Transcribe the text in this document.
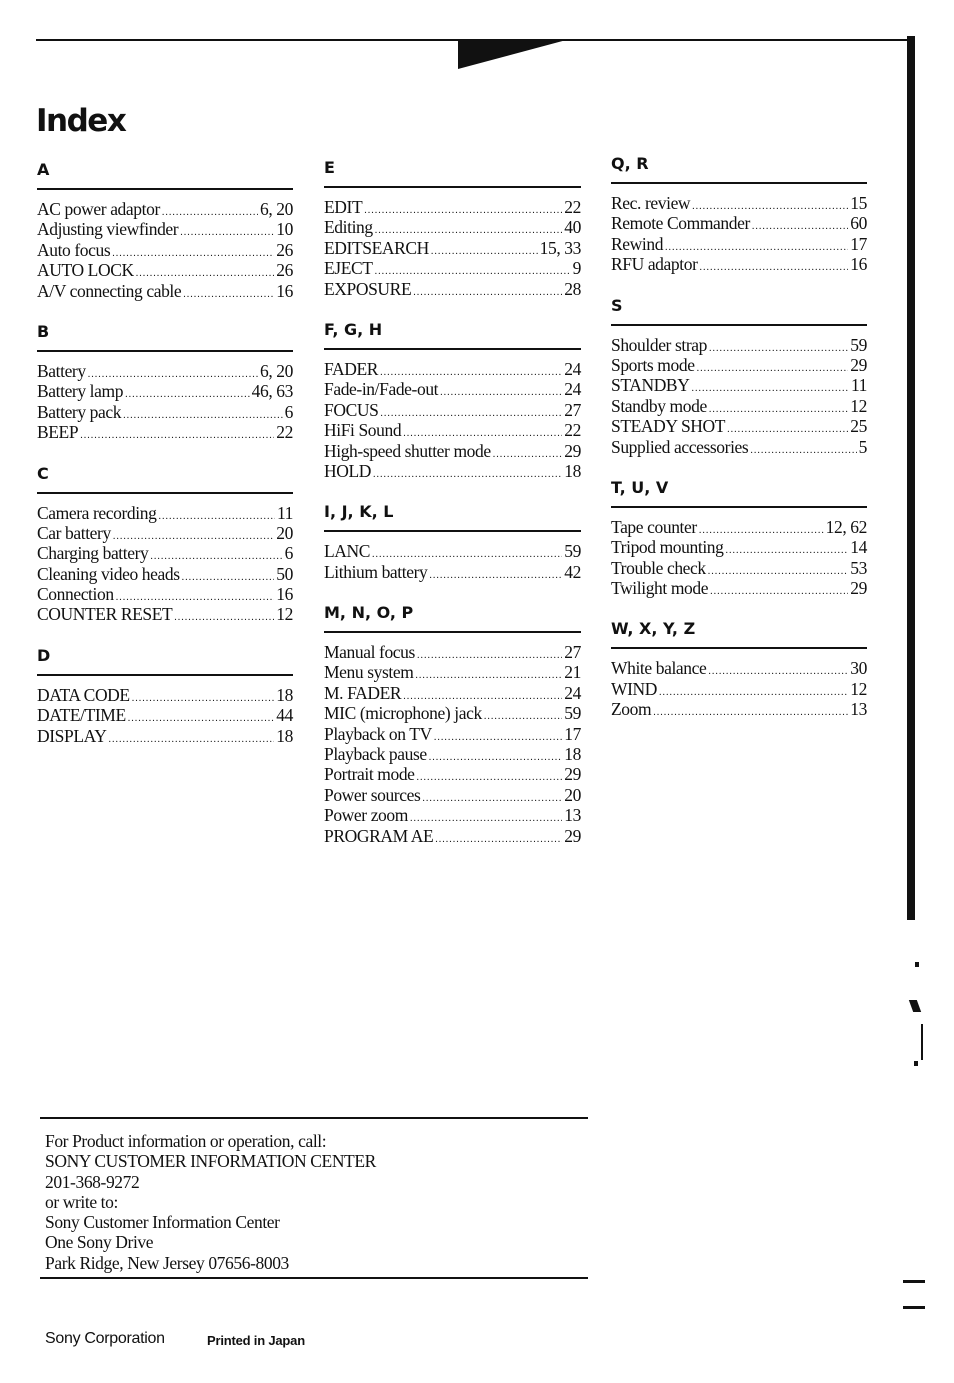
Index
A
AC power adaptor .....	6, 20
Adjusting viewfinder .....	10
Auto focus .....	26
AUTO LOCK .....	26
A/V connecting cable .....	16
B
Battery .....	6, 20
Battery lamp .....	46, 63
Battery pack .....	6
BEEP .....	22
C
Camera recording .....	11
Car battery .....	20
Charging battery .....	6
Cleaning video heads .....	50
Connection .....	16
COUNTER RESET .....	12
D
DATA CODE .....	18
DATE/TIME .....	44
DISPLAY .....	18
E
EDIT .....	22
Editing .....	40
EDITSEARCH .....	15, 33
EJECT .....	9
EXPOSURE .....	28
F, G, H
FADER .....	24
Fade-in/Fade-out .....	24
FOCUS .....	27
HiFi Sound .....	22
High-speed shutter mode .....	29
HOLD .....	18
I, J, K, L
LANC .....	59
Lithium battery .....	42
M, N, O, P
Manual focus .....	27
Menu system .....	21
M. FADER .....	24
MIC (microphone) jack .....	59
Playback on TV .....	17
Playback pause .....	18
Portrait mode .....	29
Power sources .....	20
Power zoom .....	13
PROGRAM AE .....	29
Q, R
Rec. review .....	15
Remote Commander .....	60
Rewind .....	17
RFU adaptor .....	16
S
Shoulder strap .....	59
Sports mode .....	29
STANDBY .....	11
Standby mode .....	12
STEADY SHOT .....	25
Supplied accessories .....	5
T, U, V
Tape counter .....	12, 62
Tripod mounting .....	14
Trouble check .....	53
Twilight mode .....	29
W, X, Y, Z
White balance .....	30
WIND .....	12
Zoom .....	13
For Product information or operation, call:
SONY CUSTOMER INFORMATION CENTER
201-368-9272
or write to:
Sony Customer Information Center
One Sony Drive
Park Ridge, New Jersey 07656-8003
Sony Corporation	Printed in Japan
